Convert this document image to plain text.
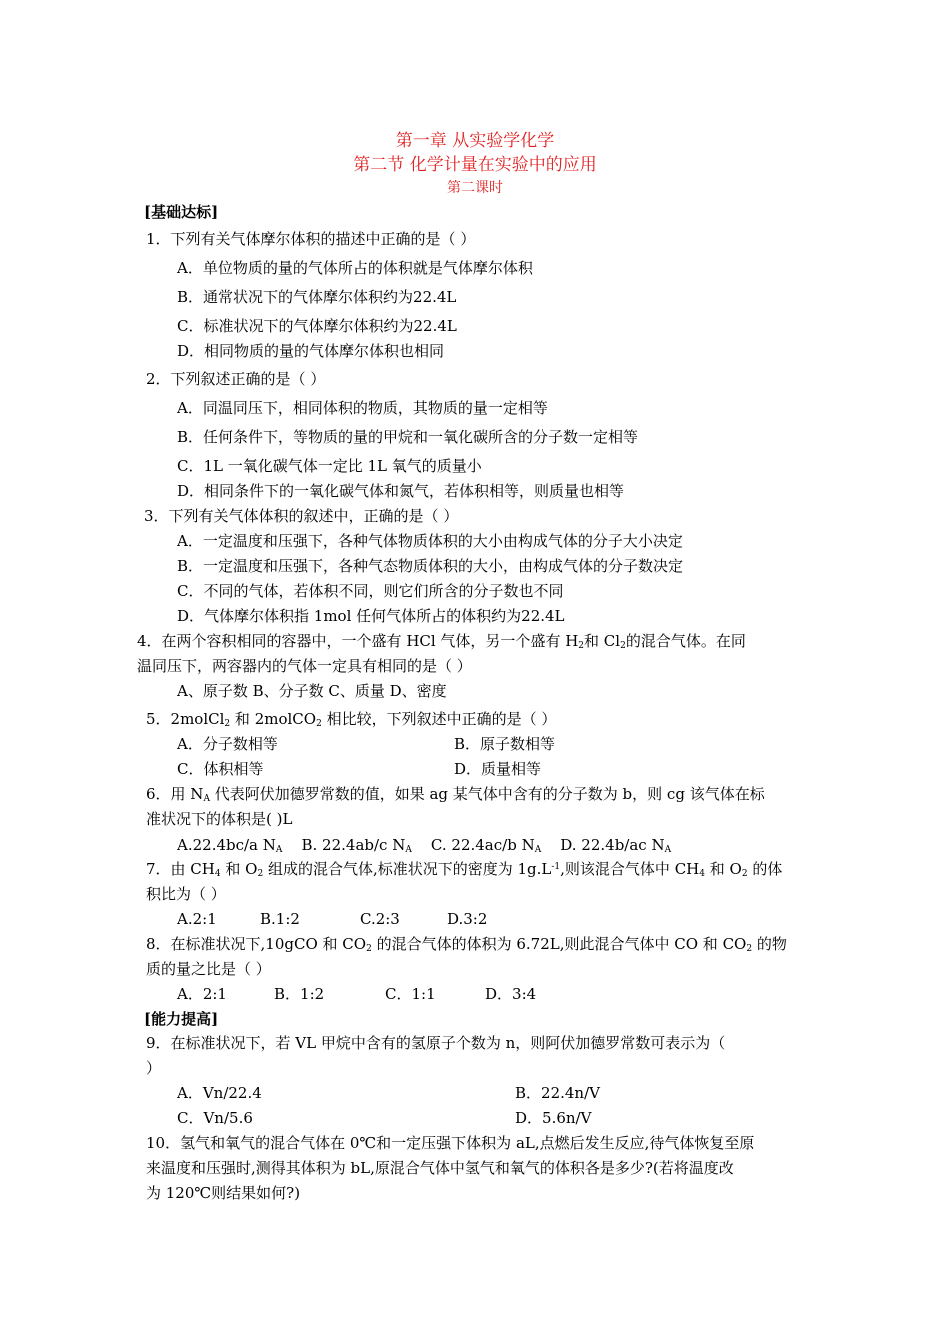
第一章 从实验学化学
第二节 化学计量在实验中的应用
第二课时
[基础达标]
1．下列有关气体摩尔体积的描述中正确的是（ ）
A．单位物质的量的气体所占的体积就是气体摩尔体积
B．通常状况下的气体摩尔体积约为22.4L
C．标准状况下的气体摩尔体积约为22.4L
D．相同物质的量的气体摩尔体积也相同
2．下列叙述正确的是（ ）
A．同温同压下，相同体积的物质，其物质的量一定相等
B．任何条件下，等物质的量的甲烷和一氧化碳所含的分子数一定相等
C．1L 一氧化碳气体一定比 1L 氧气的质量小
D．相同条件下的一氧化碳气体和氮气，若体积相等，则质量也相等
3．下列有关气体体积的叙述中，正确的是（ ）
A．一定温度和压强下，各种气体物质体积的大小由构成气体的分子大小决定
B．一定温度和压强下，各种气态物质体积的大小，由构成气体的分子数决定
C．不同的气体，若体积不同，则它们所含的分子数也不同
D．气体摩尔体积指 1mol 任何气体所占的体积约为22.4L
4．在两个容积相同的容器中，一个盛有 HCl 气体，另一个盛有 $H_2$和 $Cl_2$的混合气体。在同
温同压下，两容器内的气体一定具有相同的是（ ）
A、原子数 B、分子数 C、质量 D、密度
5．2molCl$_2$ 和 2molCO$_2$ 相比较，下列叙述中正确的是（ ）
A．分子数相等	B．原子数相等
C．体积相等	D．质量相等
6．用 $N_A$ 代表阿伏加德罗常数的值，如果 ag 某气体中含有的分子数为 b，则 cg 该气体在标
准状况下的体积是( )L
A.22.4bc/a $N_A$ B. 22.4ab/c $N_A$ C. 22.4ac/b $N_A$ D. 22.4b/ac $N_A$
7．由 $CH_4$ 和 $O_2$ 组成的混合气体,标准状况下的密度为 $1g.L^{-1}$,则该混合气体中 $CH_4$ 和 $O_2$ 的体
积比为（ ）
A.2:1	B.1:2	C.2:3	D.3:2
8．在标准状况下,10gCO 和 $CO_2$ 的混合气体的体积为 6.72L,则此混合气体中 CO 和 $CO_2$ 的物
质的量之比是（ ）
A．2:1	B．1:2	C．1:1	D．3:4
[能力提高]
9．在标准状况下，若 VL 甲烷中含有的氢原子个数为 n，则阿伏加德罗常数可表示为（
）
A．Vn/22.4	B．22.4n/V
C．Vn/5.6	D．5.6n/V
10．氢气和氧气的混合气体在 0℃和一定压强下体积为 aL,点燃后发生反应,待气体恢复至原
来温度和压强时,测得其体积为 bL,原混合气体中氢气和氧气的体积各是多少?(若将温度改
为 120℃则结果如何?)
